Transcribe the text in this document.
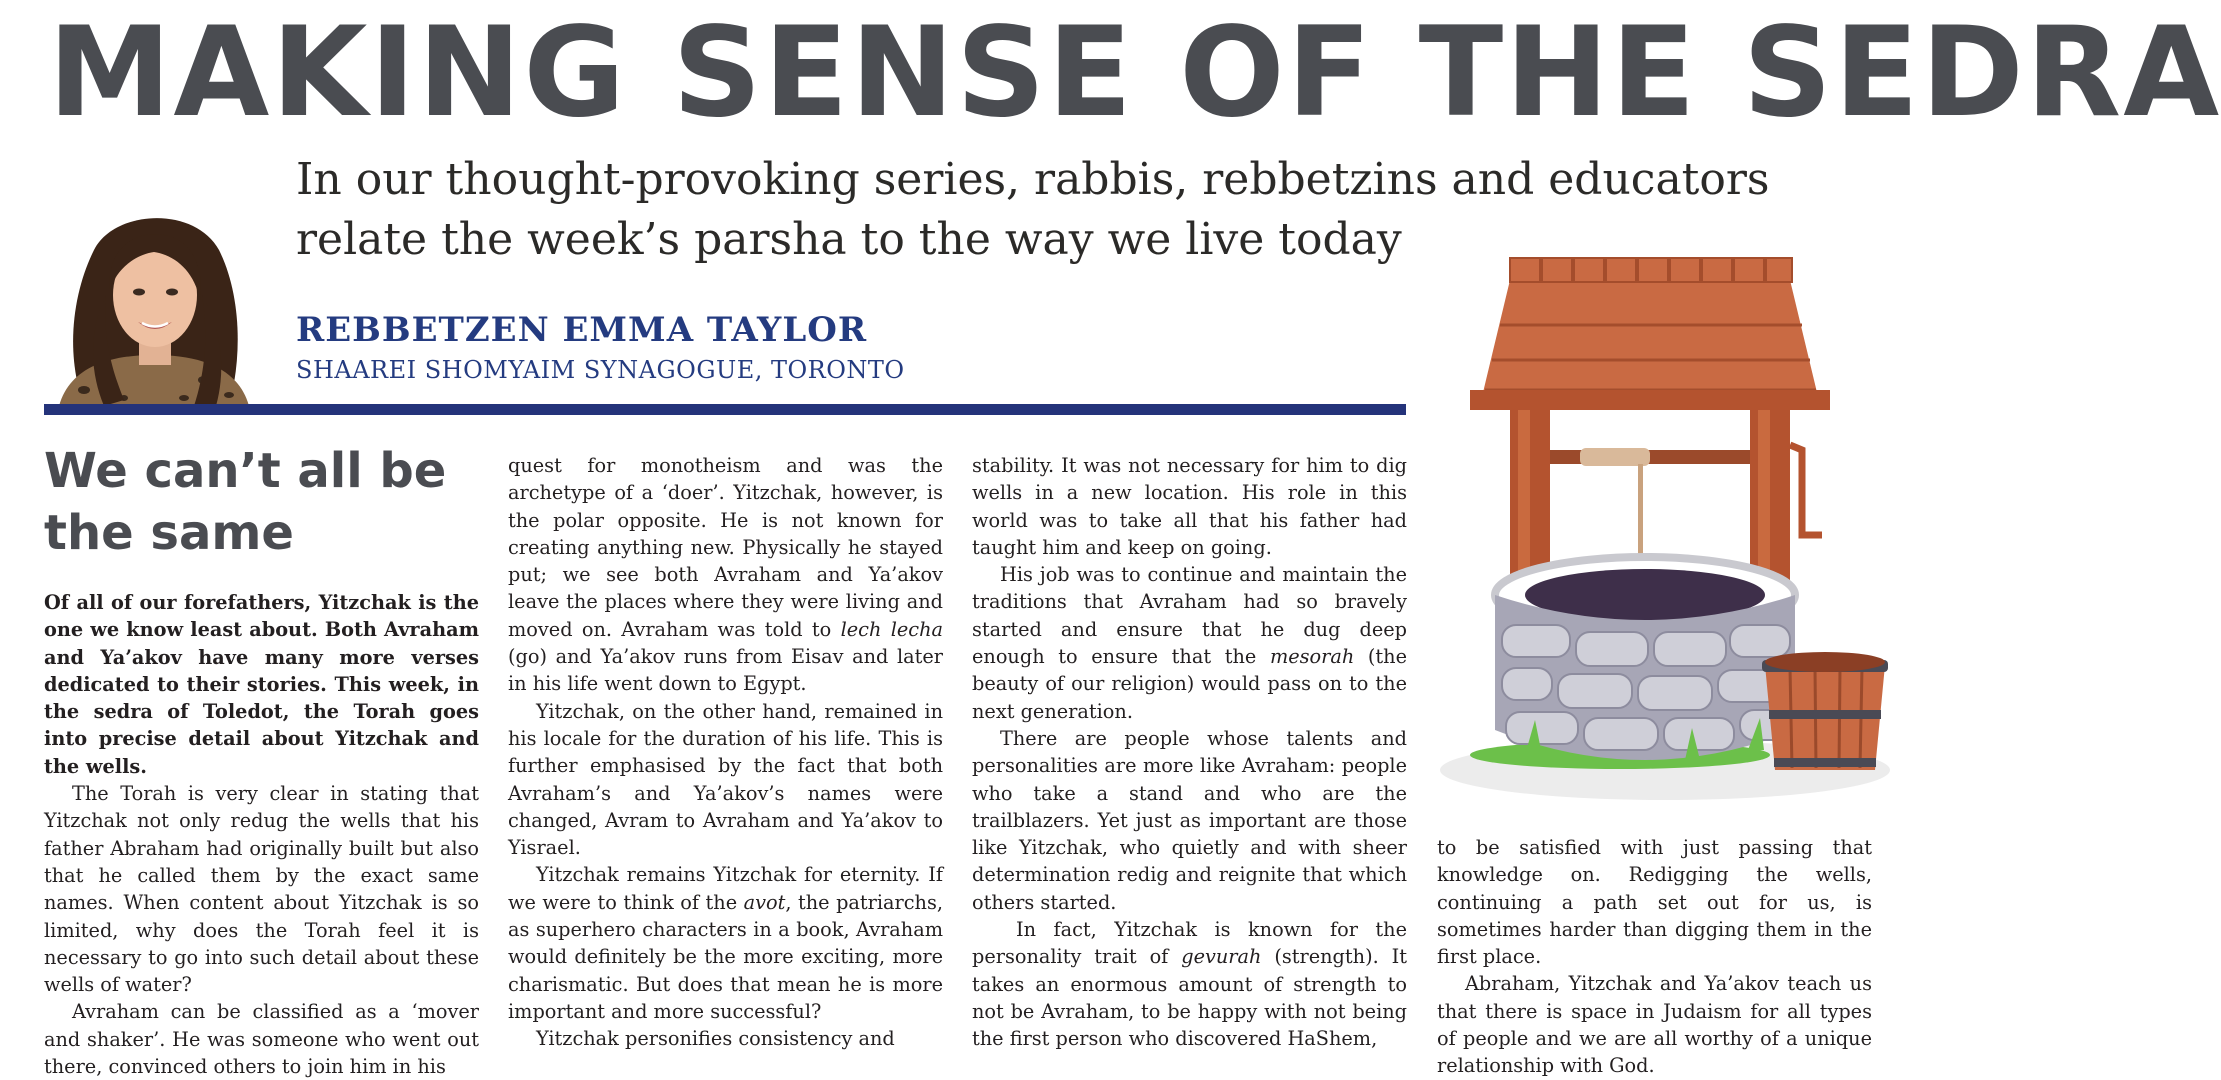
MAKING SENSE OF THE SEDRA
In our thought-provoking series, rabbis, rebbetzins and educators relate the week’s parsha to the way we live today
REBBETZEN EMMA TAYLOR
SHAAREI SHOMYAIM SYNAGOGUE, TORONTO
We can’t all be the same

Of all of our forefathers, Yitzchak is the one we know least about. Both Avraham and Ya’akov have many more verses dedicated to their stories. This week, in the sedra of Toledot, the Torah goes into precise detail about Yitzchak and the wells.

The Torah is very clear in stating that Yitzchak not only redug the wells that his father Abraham had originally built but also that he called them by the exact same names. When content about Yitzchak is so limited, why does the Torah feel it is necessary to go into such detail about these wells of water?

Avraham can be classified as a ‘mover and shaker’. He was someone who went out there, convinced others to join him in his

quest for monotheism and was the archetype of a ‘doer’. Yitzchak, however, is the polar opposite. He is not known for creating anything new. Physically he stayed put; we see both Avraham and Ya’akov leave the places where they were living and moved on. Avraham was told to lech lecha (go) and Ya’akov runs from Eisav and later in his life went down to Egypt.

Yitzchak, on the other hand, remained in his locale for the duration of his life. This is further emphasised by the fact that both Avraham’s and Ya’akov’s names were changed, Avram to Avraham and Ya’akov to Yisrael.

Yitzchak remains Yitzchak for eternity. If we were to think of the avot, the patriarchs, as superhero characters in a book, Avraham would definitely be the more exciting, more charismatic. But does that mean he is more important and more successful?

Yitzchak personifies consistency and

stability. It was not necessary for him to dig wells in a new location. His role in this world was to take all that his father had taught him and keep on going.

His job was to continue and maintain the traditions that Avraham had so bravely started and ensure that he dug deep enough to ensure that the mesorah (the beauty of our religion) would pass on to the next generation.

There are people whose talents and personalities are more like Avraham: people who take a stand and who are the trailblazers. Yet just as important are those like Yitzchak, who quietly and with sheer determination redig and reignite that which others started.

In fact, Yitzchak is known for the personality trait of gevurah (strength). It takes an enormous amount of strength to not be Avraham, to be happy with not being the first person who discovered HaShem,

to be satisfied with just passing that knowledge on. Redigging the wells, continuing a path set out for us, is sometimes harder than digging them in the first place.

Abraham, Yitzchak and Ya’akov teach us that there is space in Judaism for all types of people and we are all worthy of a unique relationship with God.
